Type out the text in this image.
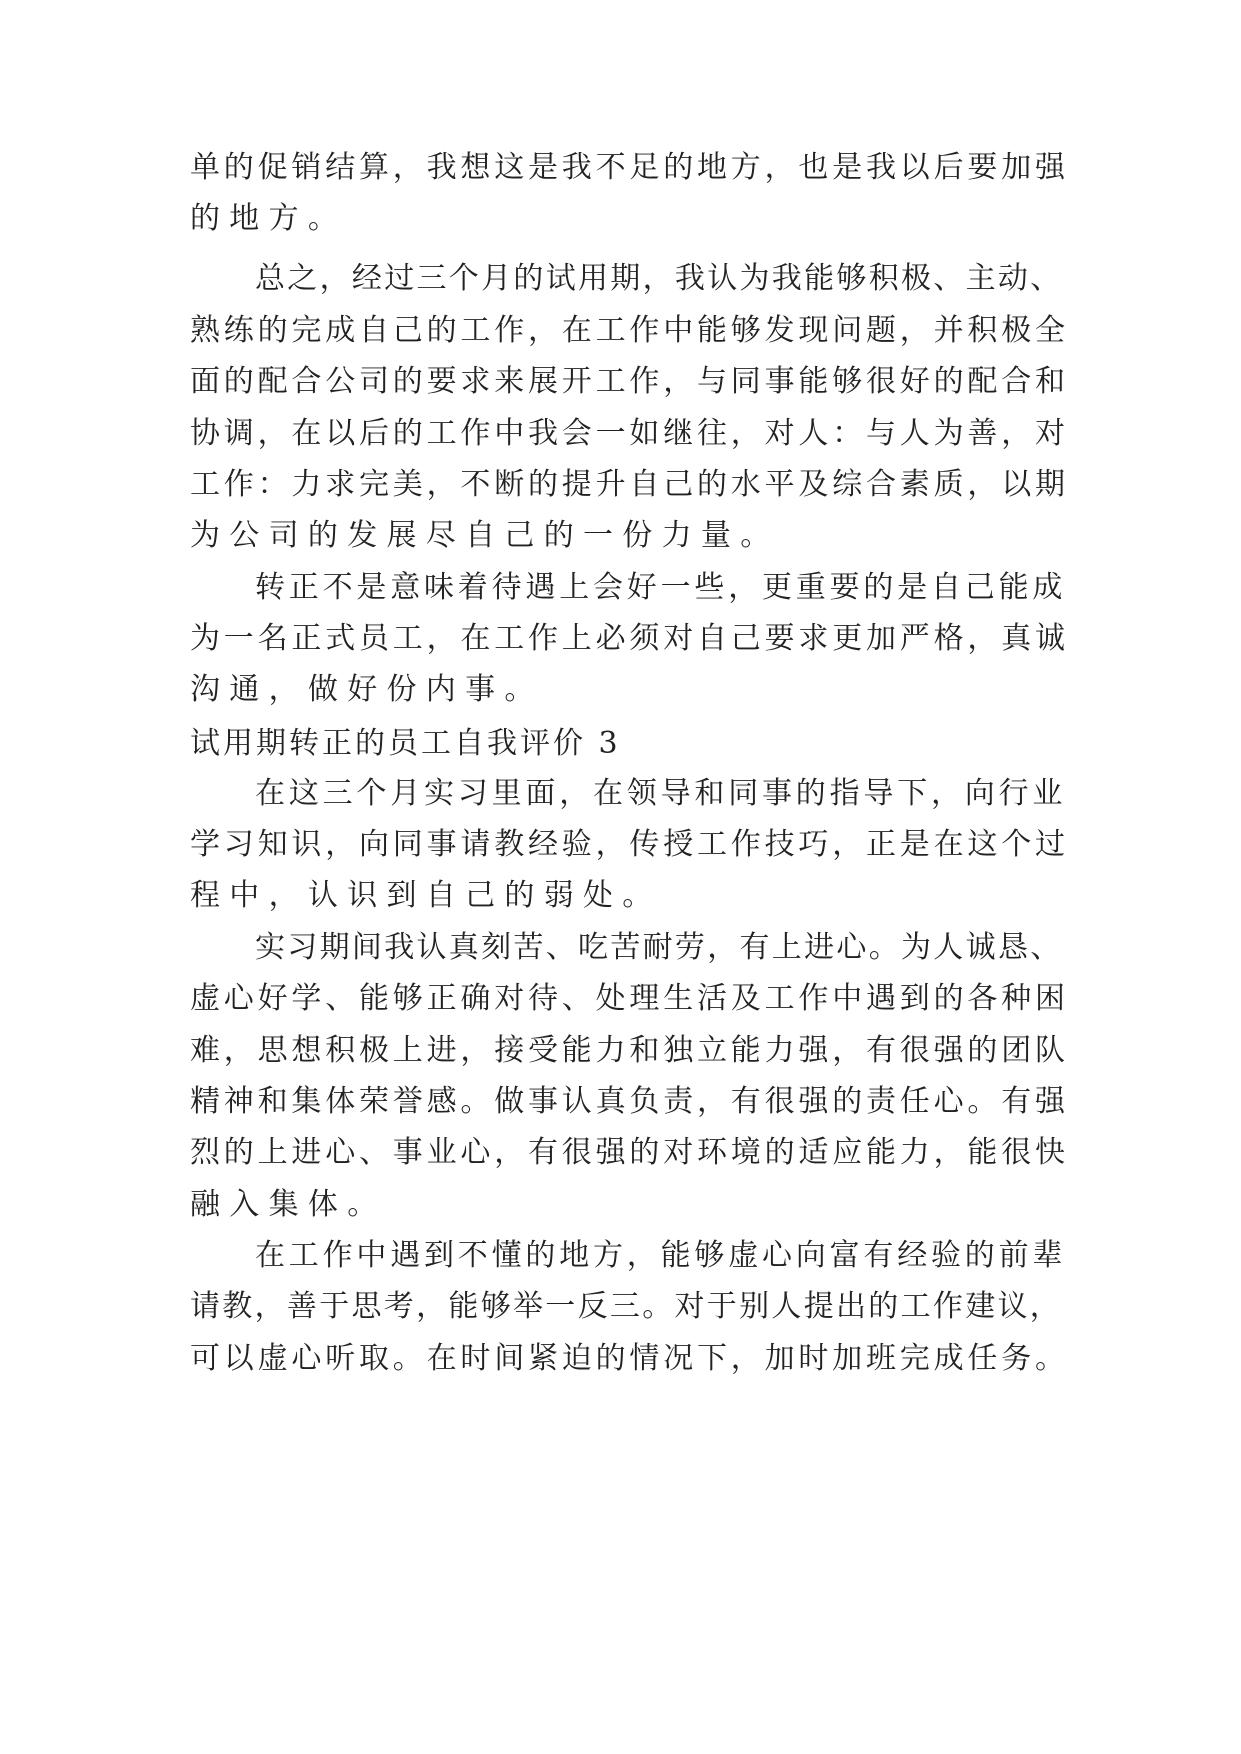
单的促销结算，我想这是我不足的地方，也是我以后要加强
的地方。
总之，经过三个月的试用期，我认为我能够积极、主动、
熟练的完成自己的工作，在工作中能够发现问题，并积极全
面的配合公司的要求来展开工作，与同事能够很好的配合和
协调，在以后的工作中我会一如继往，对人：与人为善，对
工作：力求完美，不断的提升自己的水平及综合素质，以期
为公司的发展尽自己的一份力量。
转正不是意味着待遇上会好一些，更重要的是自己能成
为一名正式员工，在工作上必须对自己要求更加严格，真诚
沟通，做好份内事。
试用期转正的员工自我评价 3
在这三个月实习里面，在领导和同事的指导下，向行业
学习知识，向同事请教经验，传授工作技巧，正是在这个过
程中，认识到自己的弱处。
实习期间我认真刻苦、吃苦耐劳，有上进心。为人诚恳、
虚心好学、能够正确对待、处理生活及工作中遇到的各种困
难，思想积极上进，接受能力和独立能力强，有很强的团队
精神和集体荣誉感。做事认真负责，有很强的责任心。有强
烈的上进心、事业心，有很强的对环境的适应能力，能很快
融入集体。
在工作中遇到不懂的地方，能够虚心向富有经验的前辈
请教，善于思考，能够举一反三。对于别人提出的工作建议，
可以虚心听取。在时间紧迫的情况下，加时加班完成任务。
